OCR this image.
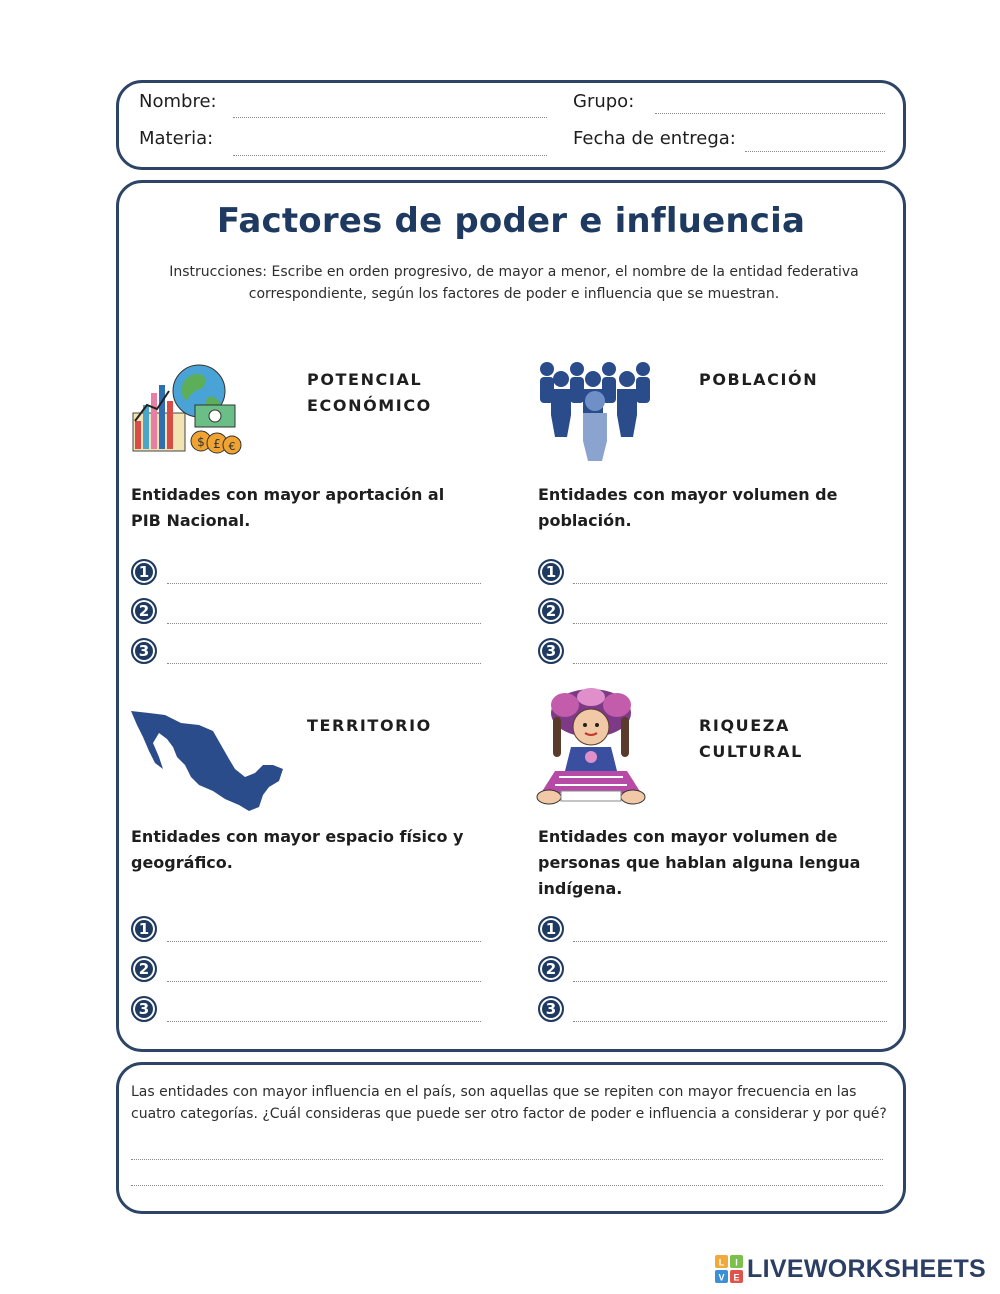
Nombre:	Grupo:
Materia:	Fecha de entrega:
Factores de poder e influencia
Instrucciones: Escribe en orden progresivo, de mayor a menor, el nombre de la entidad federativa correspondiente, según los factores de poder e influencia que se muestran.
$ £ €
POTENCIAL
ECONÓMICO
Entidades con mayor aportación al PIB Nacional.
1
2
3
POBLACIÓN
Entidades con mayor volumen de población.
1
2
3
TERRITORIO
Entidades con mayor espacio físico y geográfico.
1
2
3
RIQUEZA
CULTURAL
Entidades con mayor volumen de personas que hablan alguna lengua indígena.
1
2
3
Las entidades con mayor influencia en el país, son aquellas que se repiten con mayor frecuencia en las cuatro categorías. ¿Cuál consideras que puede ser otro factor de poder e influencia a considerar y por qué?
L I
V E LIVEWORKSHEETS
